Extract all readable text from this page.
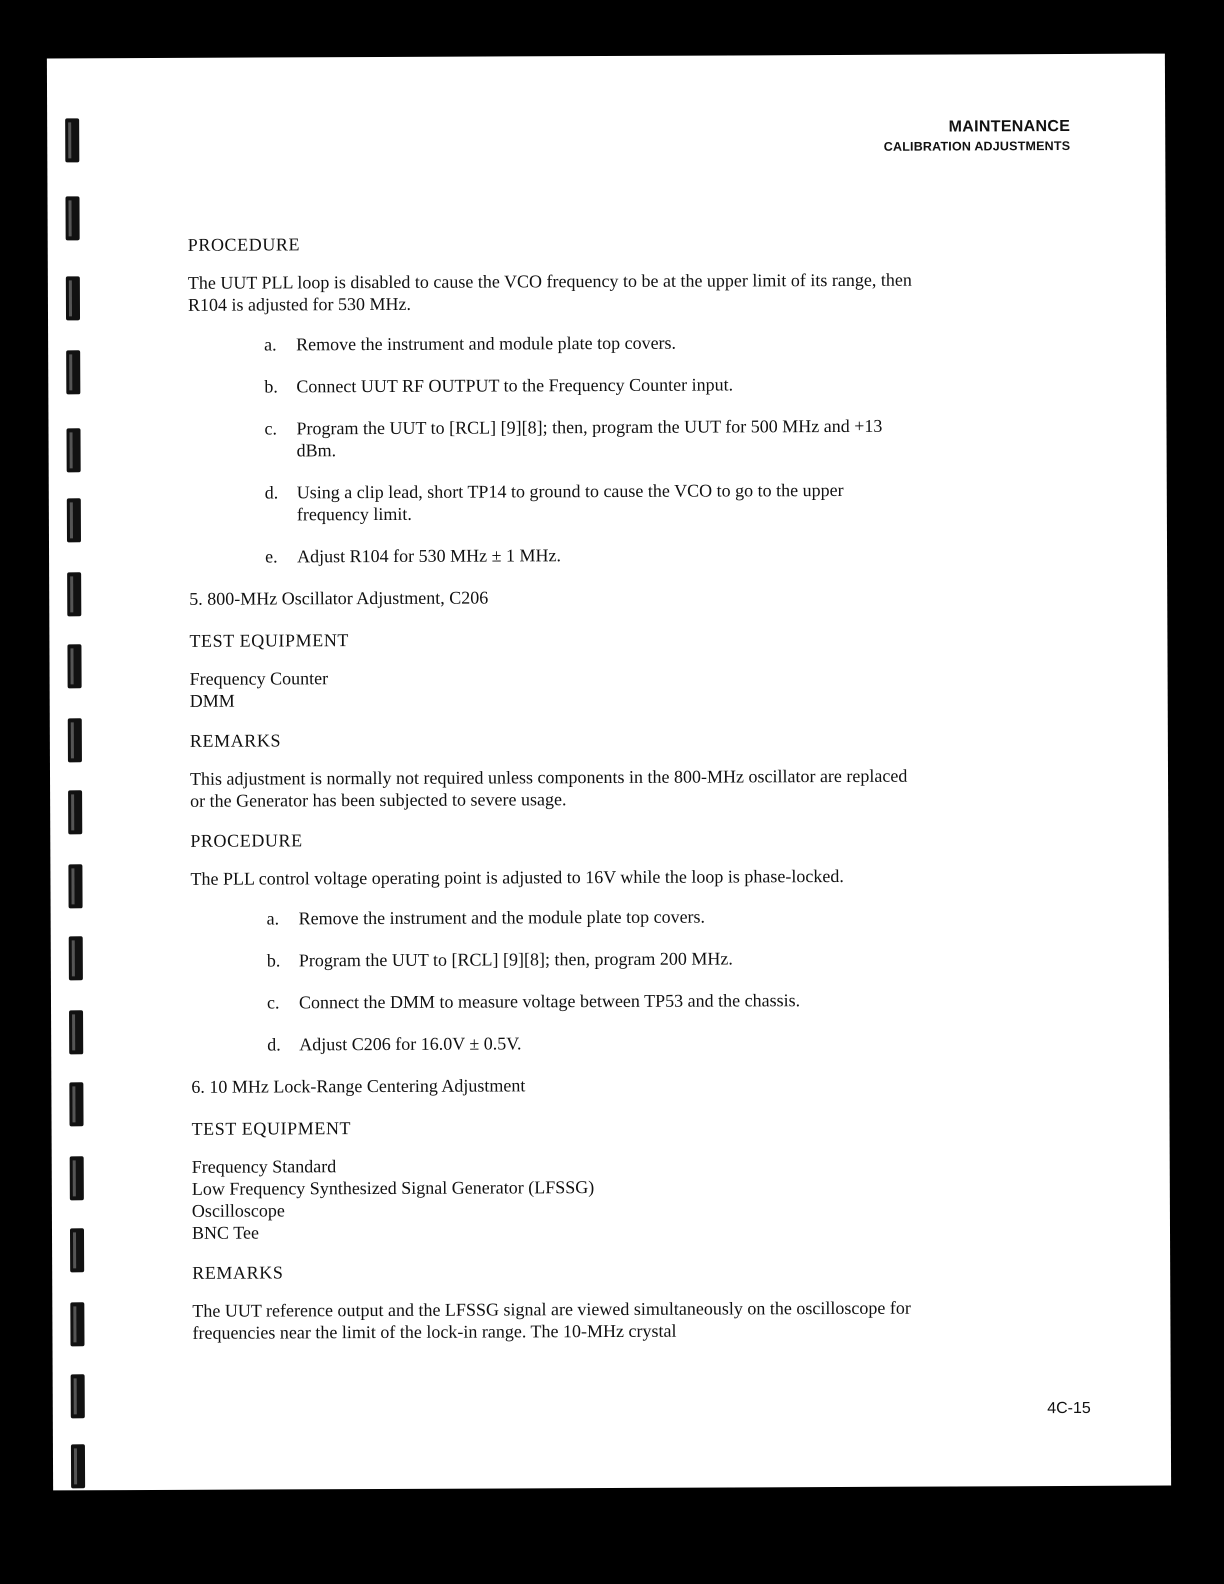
MAINTENANCE
CALIBRATION ADJUSTMENTS
PROCEDURE
The UUT PLL loop is disabled to cause the VCO frequency to be at the upper limit of its range, then R104 is adjusted for 530 MHz.
a. Remove the instrument and module plate top covers.
b. Connect UUT RF OUTPUT to the Frequency Counter input.
c. Program the UUT to [RCL] [9][8]; then, program the UUT for 500 MHz and +13 dBm.
d. Using a clip lead, short TP14 to ground to cause the VCO to go to the upper frequency limit.
e. Adjust R104 for 530 MHz ± 1 MHz.
5. 800-MHz Oscillator Adjustment, C206
TEST EQUIPMENT
Frequency Counter
DMM
REMARKS
This adjustment is normally not required unless components in the 800-MHz oscillator are replaced or the Generator has been subjected to severe usage.
PROCEDURE
The PLL control voltage operating point is adjusted to 16V while the loop is phase-locked.
a. Remove the instrument and the module plate top covers.
b. Program the UUT to [RCL] [9][8]; then, program 200 MHz.
c. Connect the DMM to measure voltage between TP53 and the chassis.
d. Adjust C206 for 16.0V ± 0.5V.
6. 10 MHz Lock-Range Centering Adjustment
TEST EQUIPMENT
Frequency Standard
Low Frequency Synthesized Signal Generator (LFSSG)
Oscilloscope
BNC Tee
REMARKS
The UUT reference output and the LFSSG signal are viewed simultaneously on the oscilloscope for frequencies near the limit of the lock-in range. The 10-MHz crystal
4C-15
